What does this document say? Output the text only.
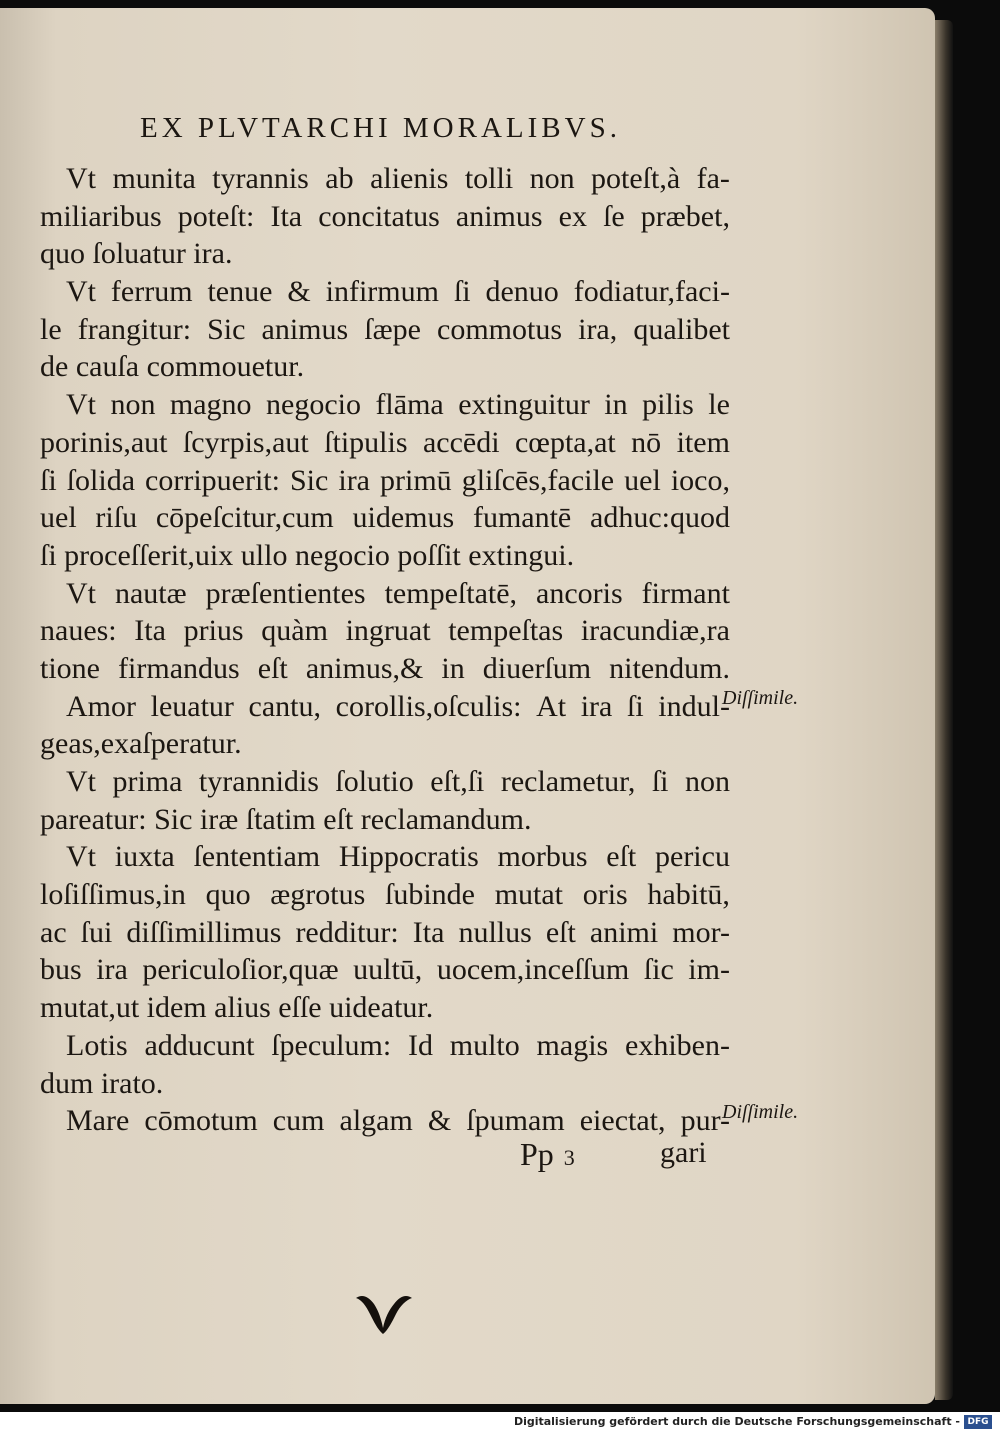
EX PLVTARCHI MORALIBVS.
Vt munita tyrannis ab alienis tolli non poteſt,à fa-
miliaribus poteſt: Ita concitatus animus ex ſe præbet,
quo ſoluatur ira.
Vt ferrum tenue & infirmum ſi denuo fodiatur,faci-
le frangitur: Sic animus ſæpe commotus ira, qualibet
de cauſa commouetur.
Vt non magno negocio flāma extinguitur in pilis le
porinis,aut ſcyrpis,aut ſtipulis accēdi cœpta,at nō item
ſi ſolida corripuerit: Sic ira primū gliſcēs,facile uel ioco,
uel riſu cōpeſcitur,cum uidemus fumantē adhuc:quod
ſi proceſſerit,uix ullo negocio poſſit extingui.
Vt nautæ præſentientes tempeſtatē, ancoris firmant
naues: Ita prius quàm ingruat tempeſtas iracundiæ,ra
tione firmandus eſt animus,& in diuerſum nitendum.
Amor leuatur cantu, corollis,oſculis: At ira ſi indul-
geas,exaſperatur.
Vt prima tyrannidis ſolutio eſt,ſi reclametur, ſi non
pareatur: Sic iræ ſtatim eſt reclamandum.
Vt iuxta ſententiam Hippocratis morbus eſt pericu
loſiſſimus,in quo ægrotus ſubinde mutat oris habitū,
ac ſui diſſimillimus redditur: Ita nullus eſt animi mor-
bus ira periculoſior,quæ uultū, uocem,inceſſum ſic im-
mutat,ut idem alius eſſe uideatur.
Lotis adducunt ſpeculum: Id multo magis exhiben-
dum irato.
Mare cōmotum cum algam & ſpumam eiectat, pur-
Diſſimile.
Diſſimile.
Pp 3	gari
Digitalisierung gefördert durch die Deutsche Forschungsgemeinschaft - DFG
